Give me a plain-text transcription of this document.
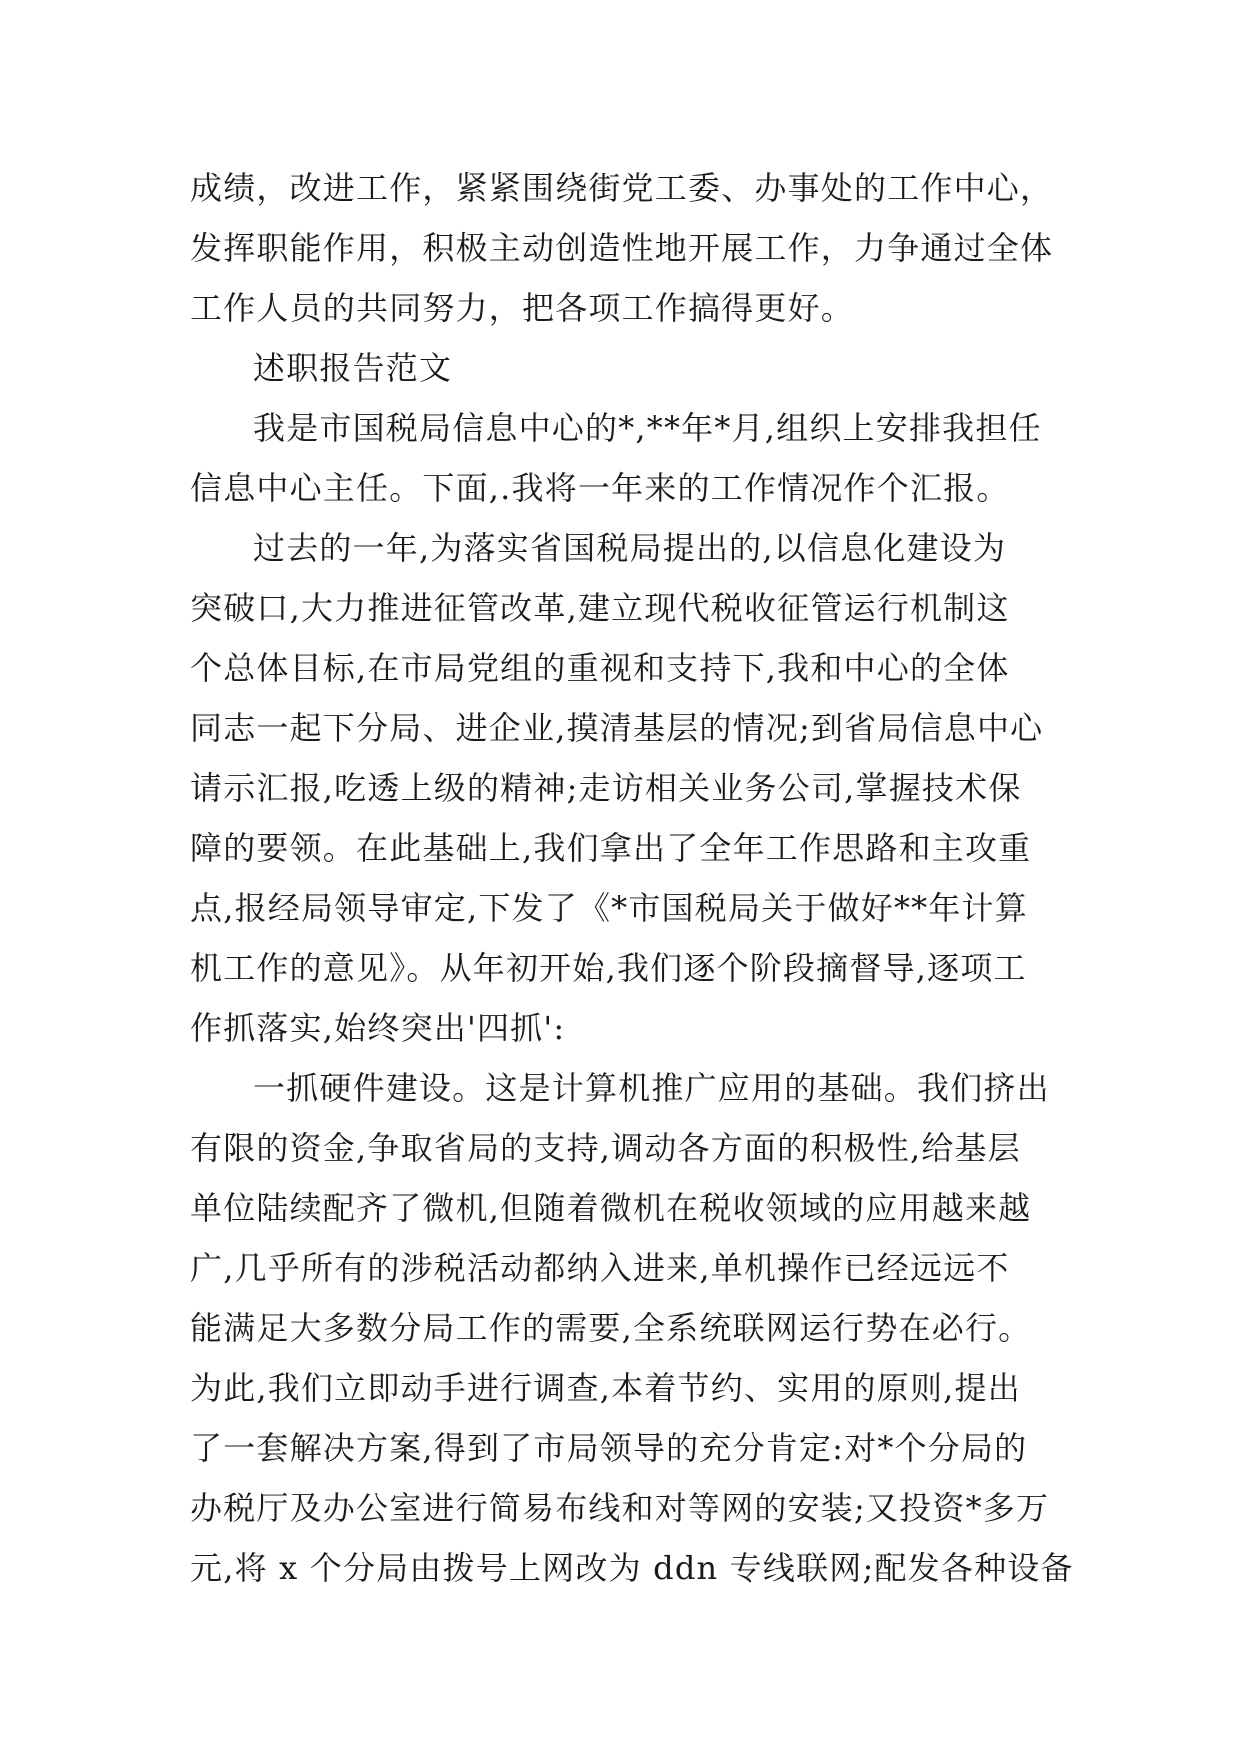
成绩，改进工作，紧紧围绕街党工委、办事处的工作中心，
发挥职能作用，积极主动创造性地开展工作，力争通过全体
工作人员的共同努力，把各项工作搞得更好。
述职报告范文
我是市国税局信息中心的*,**年*月,组织上安排我担任
信息中心主任。下面,.我将一年来的工作情况作个汇报。
过去的一年,为落实省国税局提出的,以信息化建设为
突破口,大力推进征管改革,建立现代税收征管运行机制这
个总体目标,在市局党组的重视和支持下,我和中心的全体
同志一起下分局、进企业,摸清基层的情况;到省局信息中心
请示汇报,吃透上级的精神;走访相关业务公司,掌握技术保
障的要领。在此基础上,我们拿出了全年工作思路和主攻重
点,报经局领导审定,下发了《*市国税局关于做好**年计算
机工作的意见》。从年初开始,我们逐个阶段摘督导,逐项工
作抓落实,始终突出'四抓':
一抓硬件建设。这是计算机推广应用的基础。我们挤出
有限的资金,争取省局的支持,调动各方面的积极性,给基层
单位陆续配齐了微机,但随着微机在税收领域的应用越来越
广,几乎所有的涉税活动都纳入进来,单机操作已经远远不
能满足大多数分局工作的需要,全系统联网运行势在必行。
为此,我们立即动手进行调查,本着节约、实用的原则,提出
了一套解决方案,得到了市局领导的充分肯定:对*个分局的
办税厅及办公室进行简易布线和对等网的安装;又投资*多万
元,将 x 个分局由拨号上网改为 ddn 专线联网;配发各种设备
